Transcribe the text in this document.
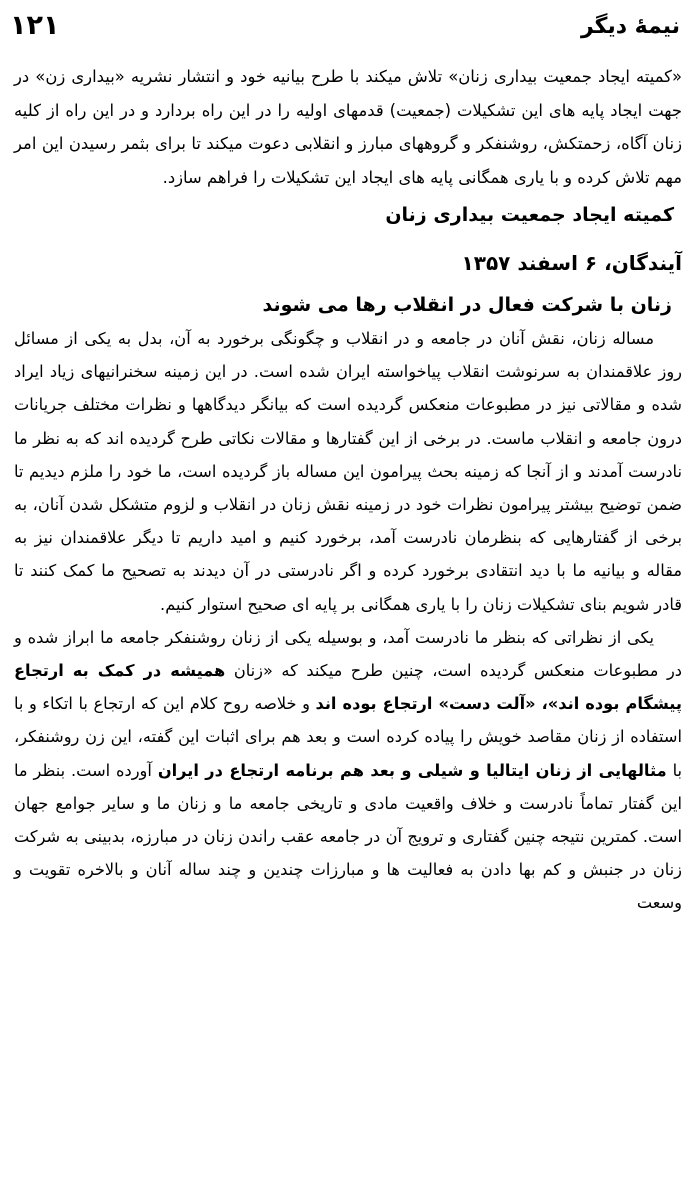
۱۲۱	نیمهٔ دیگر

«کمیته ایجاد جمعیت بیداری زنان» تلاش میکند با طرح بیانیه خود و انتشار نشریه «بیداری زن» در جهت ایجاد پایه های این تشکیلات (جمعیت) قدمهای اولیه را در این راه بردارد و در این راه از کلیه زنان آگاه، زحمتکش، روشنفکر و گروههای مبارز و انقلابی دعوت میکند تا برای بثمر رسیدن این امر مهم تلاش کرده و با یاری همگانی پایه های ایجاد این تشکیلات را فراهم سازد.

کمیته ایجاد جمعیت بیداری زنان

آیندگان، ۶ اسفند ۱۳۵۷

زنان با شرکت فعال در انقلاب رها می شوند

مساله زنان، نقش آنان در جامعه و در انقلاب و چگونگی برخورد به آن، بدل به یکی از مسائل روز علاقمندان به سرنوشت انقلاب پیاخواسته ایران شده است. در این زمینه سخنرانیهای زیاد ایراد شده و مقالاتی نیز در مطبوعات منعکس گردیده است که بیانگر دیدگاهها و نظرات مختلف جریانات درون جامعه و انقلاب ماست. در برخی از این گفتارها و مقالات نکاتی طرح گردیده اند که به نظر ما نادرست آمدند و از آنجا که زمینه بحث پیرامون این مساله باز گردیده است، ما خود را ملزم دیدیم تا ضمن توضیح بیشتر پیرامون نظرات خود در زمینه نقش زنان در انقلاب و لزوم متشکل شدن آنان، به برخی از گفتارهایی که بنظرمان نادرست آمد، برخورد کنیم و امید داریم تا دیگر علاقمندان نیز به مقاله و بیانیه ما با دید انتقادی برخورد کرده و اگر نادرستی در آن دیدند به تصحیح ما کمک کنند تا قادر شویم بنای تشکیلات زنان را با یاری همگانی بر پایه ای صحیح استوار کنیم.

یکی از نظراتی که بنظر ما نادرست آمد، و بوسیله یکی از زنان روشنفکر جامعه ما ابراز شده و در مطبوعات منعکس گردیده است، چنین طرح میکند که «زنان همیشه در کمک به ارتجاع پیشگام بوده اند»، «آلت دست» ارتجاع بوده اند و خلاصه روح کلام این که ارتجاع با اتکاء و با استفاده از زنان مقاصد خویش را پیاده کرده است و بعد هم برای اثبات این گفته، این زن روشنفکر، با مثالهایی از زنان ایتالیا و شیلی و بعد هم برنامه ارتجاع در ایران آورده است. بنظر ما این گفتار تماماً نادرست و خلاف واقعیت مادی و تاریخی جامعه ما و زنان ما و سایر جوامع جهان است. کمترین نتیجه چنین گفتاری و ترویج آن در جامعه عقب راندن زنان در مبارزه، بدبینی به شرکت زنان در جنبش و کم بها دادن به فعالیت ها و مبارزات چندین و چند ساله آنان و بالاخره تقویت و وسعت
